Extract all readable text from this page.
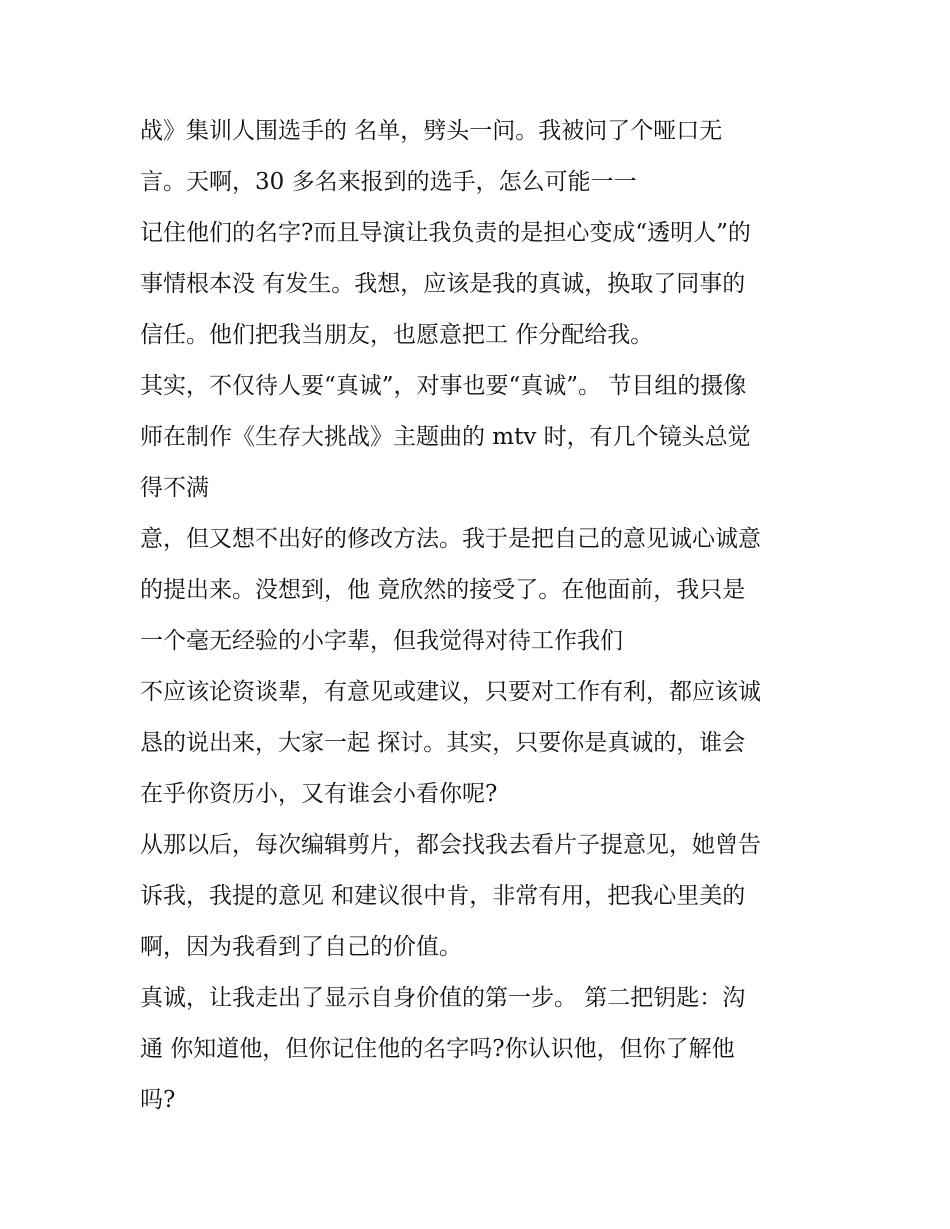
战》集训人围选手的 名单，劈头一问。我被问了个哑口无
言。天啊，30 多名来报到的选手，怎么可能一一
记住他们的名字?而且导演让我负责的是担心变成“透明人”的
事情根本没 有发生。我想，应该是我的真诚，换取了同事的
信任。他们把我当朋友，也愿意把工 作分配给我。
其实，不仅待人要“真诚”，对事也要“真诚”。 节目组的摄像
师在制作《生存大挑战》主题曲的 mtv 时，有几个镜头总觉
得不满
意，但又想不出好的修改方法。我于是把自己的意见诚心诚意
的提出来。没想到，他 竟欣然的接受了。在他面前，我只是
一个毫无经验的小字辈，但我觉得对待工作我们
不应该论资谈辈，有意见或建议，只要对工作有利，都应该诚
恳的说出来，大家一起 探讨。其实，只要你是真诚的，谁会
在乎你资历小，又有谁会小看你呢?
从那以后，每次编辑剪片，都会找我去看片子提意见，她曾告
诉我，我提的意见 和建议很中肯，非常有用，把我心里美的
啊，因为我看到了自己的价值。
真诚，让我走出了显示自身价值的第一步。 第二把钥匙：沟
通 你知道他，但你记住他的名字吗?你认识他，但你了解他
吗?
